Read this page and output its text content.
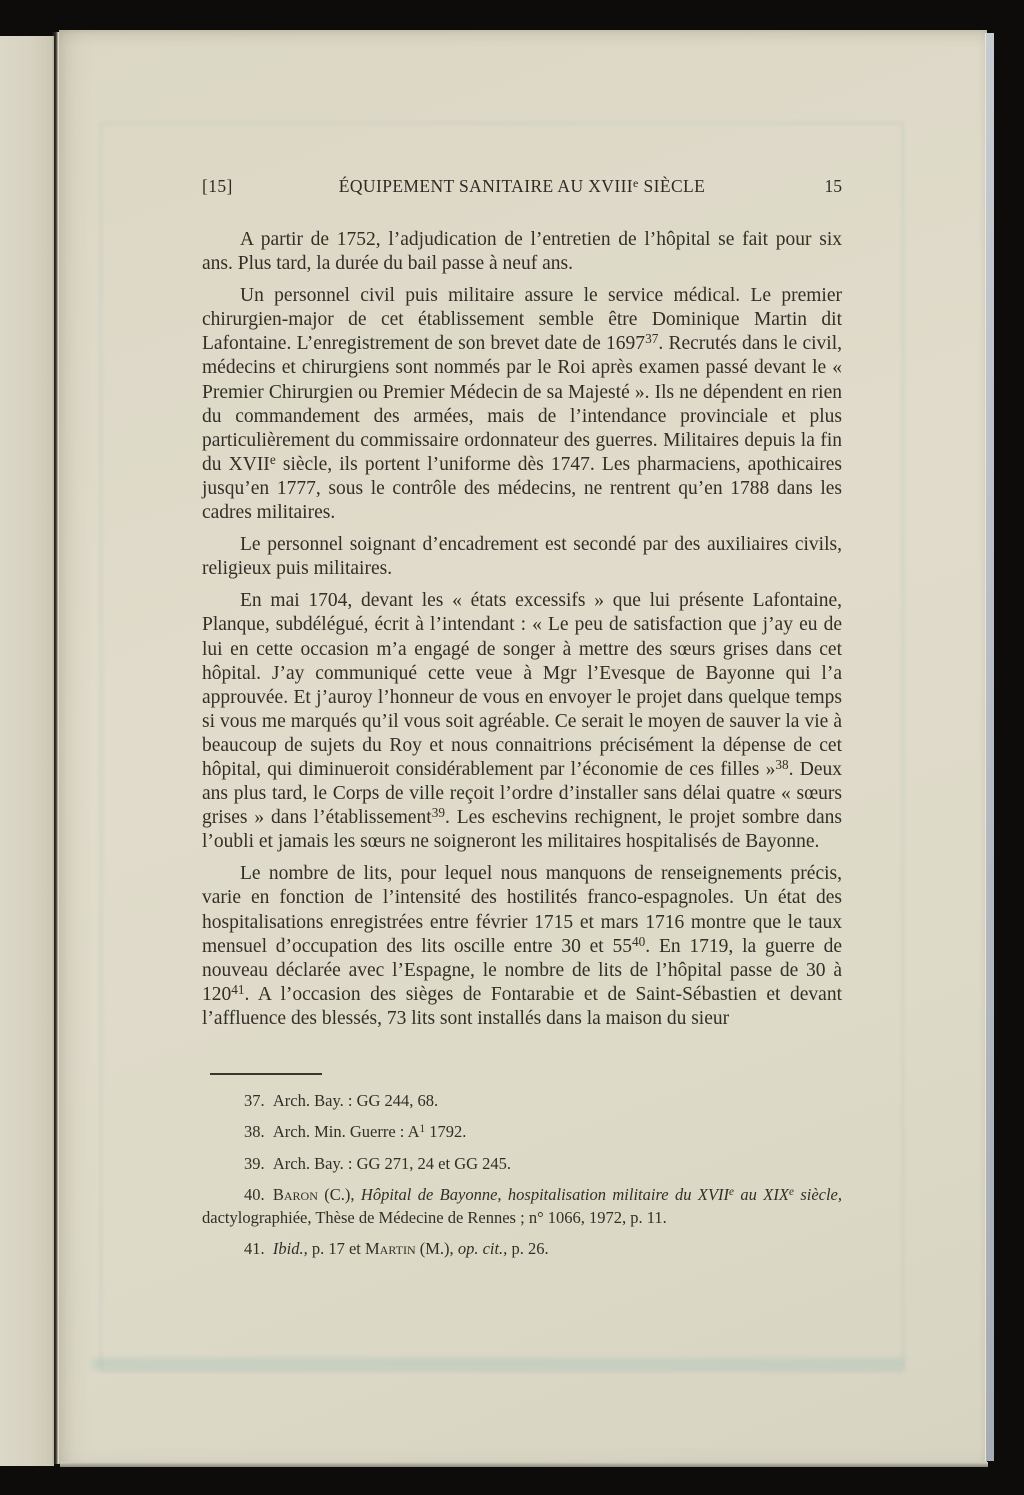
[15]	ÉQUIPEMENT SANITAIRE AU XVIIIe SIÈCLE	15

A partir de 1752, l’adjudication de l’entretien de l’hôpital se fait pour six ans. Plus tard, la durée du bail passe à neuf ans.

Un personnel civil puis militaire assure le service médical. Le premier chirurgien-major de cet établissement semble être Dominique Martin dit Lafontaine. L’enregistrement de son brevet date de 1697$^{37}$. Recrutés dans le civil, médecins et chirurgiens sont nommés par le Roi après examen passé devant le « Premier Chirurgien ou Premier Médecin de sa Majesté ». Ils ne dépendent en rien du commandement des armées, mais de l’intendance provinciale et plus particulièrement du commissaire ordonnateur des guerres. Militaires depuis la fin du XVIIe siècle, ils portent l’uniforme dès 1747. Les pharmaciens, apothicaires jusqu’en 1777, sous le contrôle des médecins, ne rentrent qu’en 1788 dans les cadres militaires.

Le personnel soignant d’encadrement est secondé par des auxiliaires civils, religieux puis militaires.

En mai 1704, devant les « états excessifs » que lui présente Lafontaine, Planque, subdélégué, écrit à l’intendant : « Le peu de satisfaction que j’ay eu de lui en cette occasion m’a engagé de songer à mettre des sœurs grises dans cet hôpital. J’ay communiqué cette veue à Mgr l’Evesque de Bayonne qui l’a approuvée. Et j’auroy l’honneur de vous en envoyer le projet dans quelque temps si vous me marqués qu’il vous soit agréable. Ce serait le moyen de sauver la vie à beaucoup de sujets du Roy et nous connaitrions précisément la dépense de cet hôpital, qui diminueroit considérablement par l’économie de ces filles »$^{38}$. Deux ans plus tard, le Corps de ville reçoit l’ordre d’installer sans délai quatre « sœurs grises » dans l’établissement$^{39}$. Les eschevins rechignent, le projet sombre dans l’oubli et jamais les sœurs ne soigneront les militaires hospitalisés de Bayonne.

Le nombre de lits, pour lequel nous manquons de renseignements précis, varie en fonction de l’intensité des hostilités franco-espagnoles. Un état des hospitalisations enregistrées entre février 1715 et mars 1716 montre que le taux mensuel d’occupation des lits oscille entre 30 et $55^{40}$. En 1719, la guerre de nouveau déclarée avec l’Espagne, le nombre de lits de l’hôpital passe de 30 à $120^{41}$. A l’occasion des sièges de Fontarabie et de Saint-Sébastien et devant l’affluence des blessés, 73 lits sont installés dans la maison du sieur

37. Arch. Bay. : GG 244, 68.

38. Arch. Min. Guerre : $A^1$ 1792.

39. Arch. Bay. : GG 271, 24 et GG 245.

40. Baron (C.), Hôpital de Bayonne, hospitalisation militaire du XVIIe au XIXe siècle, dactylographiée, Thèse de Médecine de Rennes ; n° 1066, 1972, p. 11.

41. Ibid., p. 17 et Martin (M.), op. cit., p. 26.
